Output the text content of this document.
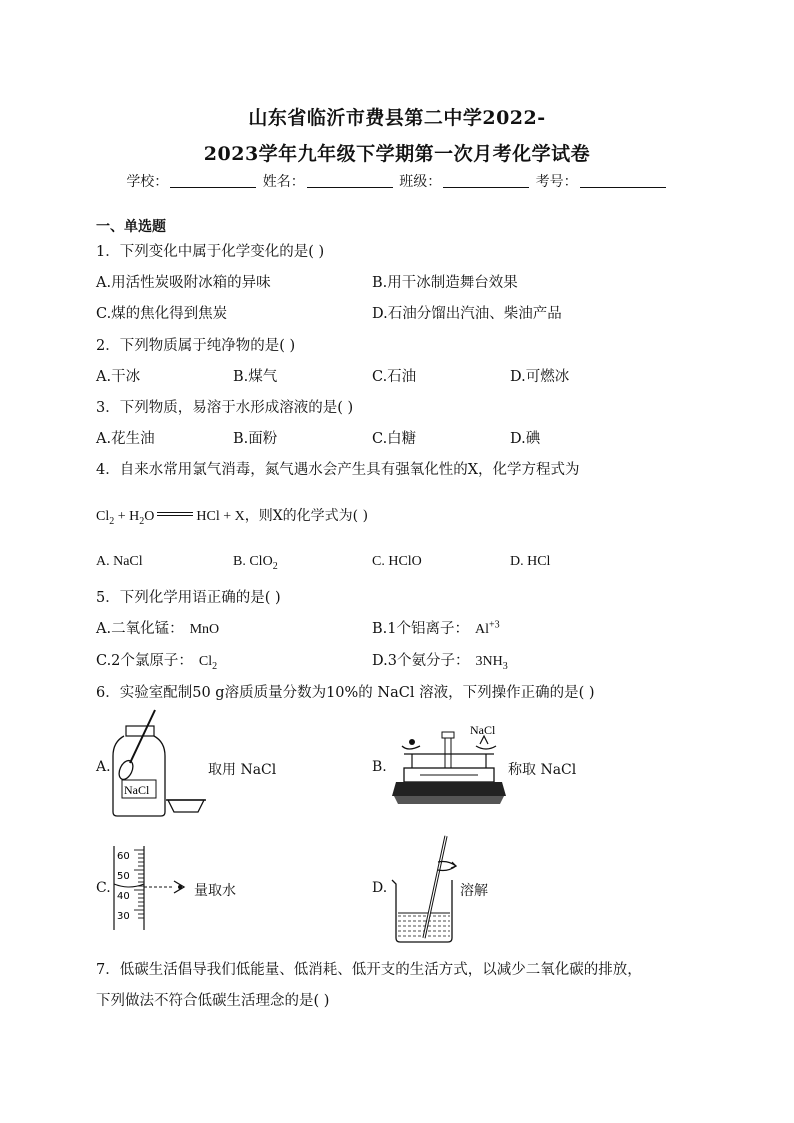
山东省临沂市费县第二中学2022-
2023学年九年级下学期第一次月考化学试卷
学校：	姓名：	班级：	考号：
一、单选题
1．下列变化中属于化学变化的是( )
A.用活性炭吸附冰箱的异味	B.用干冰制造舞台效果
C.煤的焦化得到焦炭	D.石油分馏出汽油、柴油产品
2．下列物质属于纯净物的是( )
A.干冰	B.煤气	C.石油	D.可燃冰
3．下列物质，易溶于水形成溶液的是( )
A.花生油	B.面粉	C.白糖	D.碘
4．自来水常用氯气消毒，氮气遇水会产生具有强氧化性的X，化学方程式为
$Cl_2 + H_2O$	HCl + X，则X的化学式为( )
A. NaCl	B. ClO$_2$	C. HClO	D. HCl
5．下列化学用语正确的是( )
A.二氧化锰： MnO	B.1个铝离子： $Al^{+3}$
C.2个氯原子： $Cl_2$	D.3个氨分子： $3NH_3$
6．实验室配制50 g溶质质量分数为10%的 NaCl 溶液，下列操作正确的是( )
A.
NaCl
取用 NaCl	B.
NaCl
称取 NaCl
C.
60
50
40
30
量取水	D.	溶解
7．低碳生活倡导我们低能量、低消耗、低开支的生活方式，以减少二氧化碳的排放，
下列做法不符合低碳生活理念的是( )
